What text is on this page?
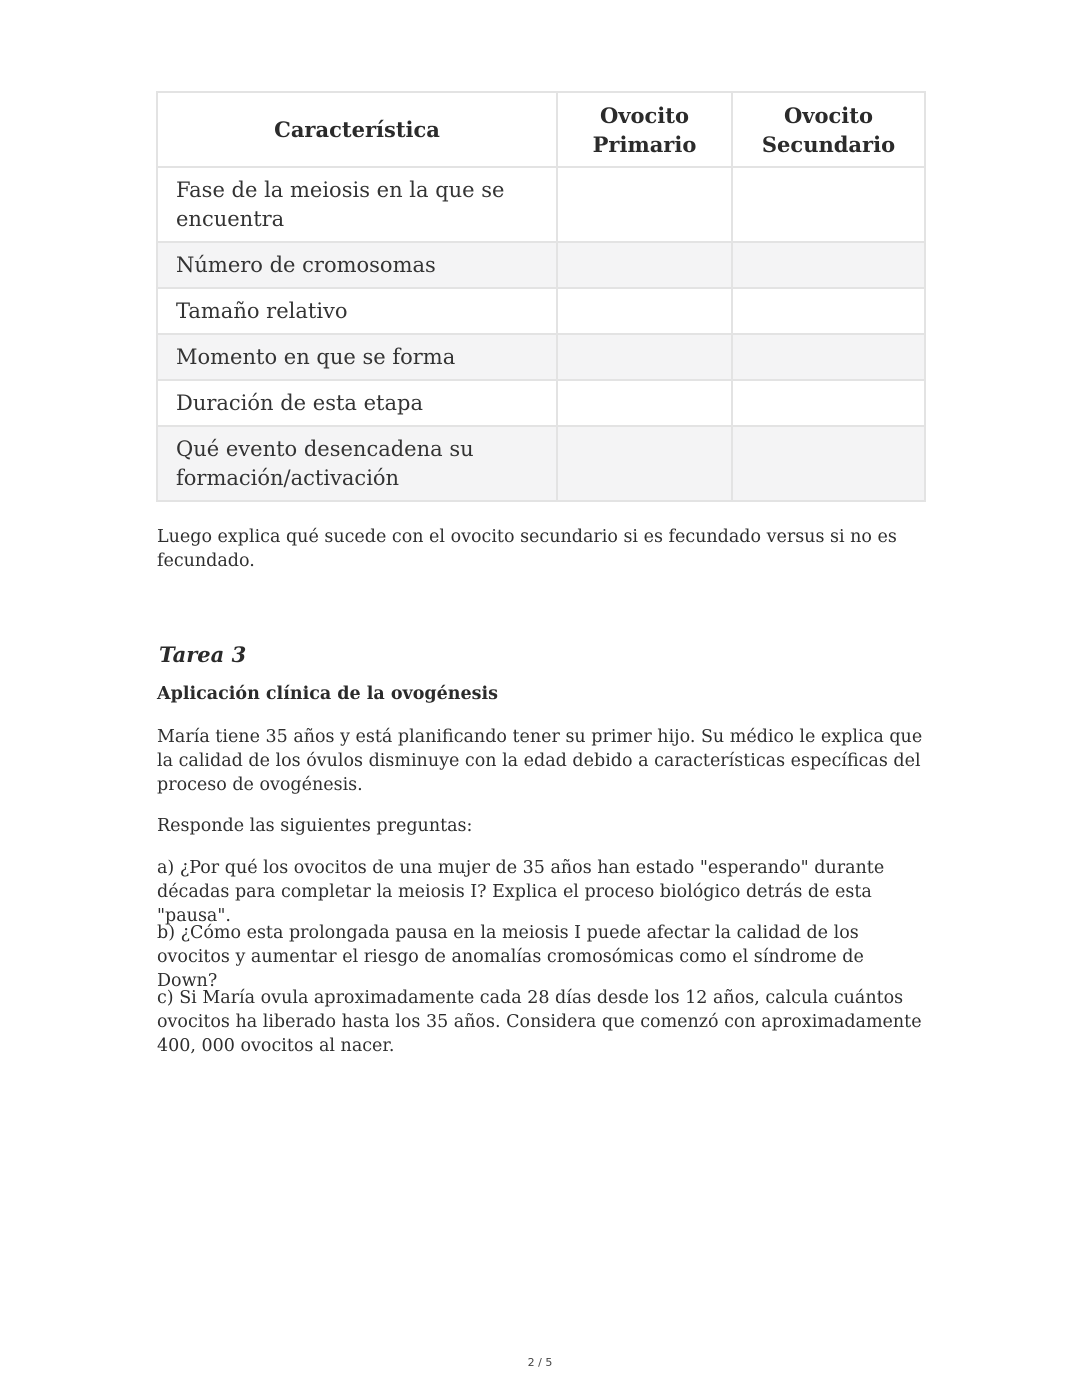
Característica	Ovocito Primario	Ovocito Secundario
Fase de la meiosis en la que se encuentra		
Número de cromosomas		
Tamaño relativo		
Momento en que se forma		
Duración de esta etapa		
Qué evento desencadena su formación/activación		

Luego explica qué sucede con el ovocito secundario si es fecundado versus si no es fecundado.

Tarea 3
Aplicación clínica de la ovogénesis

María tiene 35 años y está planificando tener su primer hijo. Su médico le explica que la calidad de los óvulos disminuye con la edad debido a características específicas del proceso de ovogénesis.

Responde las siguientes preguntas:

a) ¿Por qué los ovocitos de una mujer de 35 años han estado "esperando" durante décadas para completar la meiosis I? Explica el proceso biológico detrás de esta "pausa".

b) ¿Cómo esta prolongada pausa en la meiosis I puede afectar la calidad de los ovocitos y aumentar el riesgo de anomalías cromosómicas como el síndrome de Down?

c) Si María ovula aproximadamente cada 28 días desde los 12 años, calcula cuántos ovocitos ha liberado hasta los 35 años. Considera que comenzó con aproximadamente 400, 000 ovocitos al nacer.

2 / 5
